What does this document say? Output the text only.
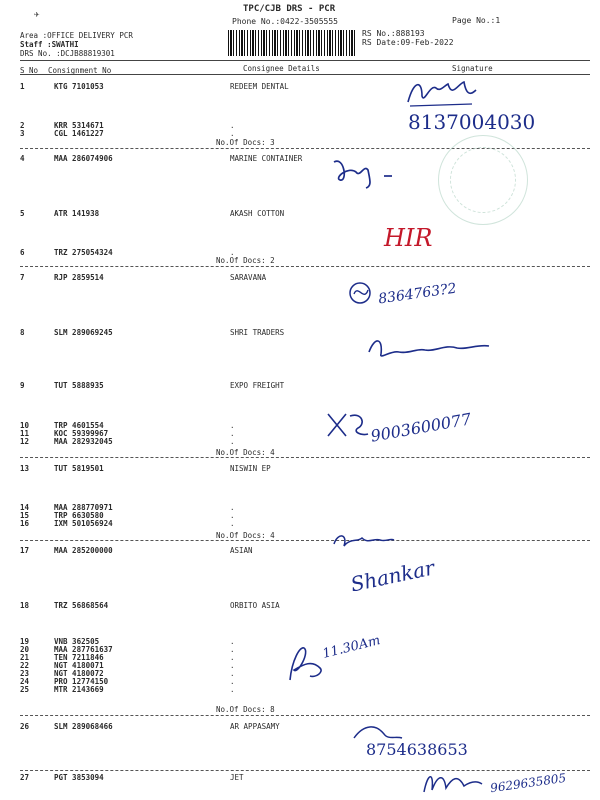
TPC/CJB DRS - PCR
Phone No.:0422-3505555	Page No.:1
Area :OFFICE DELIVERY PCR
Staff :SWATHI
DRS No. :DCJB88819301
RS No.:888193
RS Date:09-Feb-2022
✈
S No Consignment No	Consignee Details	Signature
1	KTG 7101053	REDEEM DENTAL
2	KRR 5314671	.
3	CGL 1461227	.
4	MAA 286074906	MARINE CONTAINER
5	ATR 141938	AKASH COTTON
6	TRZ 275054324	.
7	RJP 2859514	SARAVANA
8	SLM 289069245	SHRI TRADERS
9	TUT 5888935	EXPO FREIGHT
10	TRP 4601554	.
11	KOC 59399967	.
12	MAA 282932045	.
13	TUT 5819501	NISWIN EP
14	MAA 288770971	.
15	TRP 6630580	.
16	IXM 501056924	.
17	MAA 285200000	ASIAN
18	TRZ 56868564	ORBITO ASIA
19	VNB 362505	.
20	MAA 287761637	.
21	TEN 7211846	.
22	NGT 4180071	.
23	NGT 4180072	.
24	PRO 12774150	.
25	MTR 2143669	.
26	SLM 289068466	AR APPASAMY
27	PGT 3853094	JET
No.Of Docs: 3
No.Of Docs: 2
No.Of Docs: 4
No.Of Docs: 4
No.Of Docs: 8
8137004030
HIR
8364763?2
9003600077
Shankar
11.30Am
8754638653
9629635805
